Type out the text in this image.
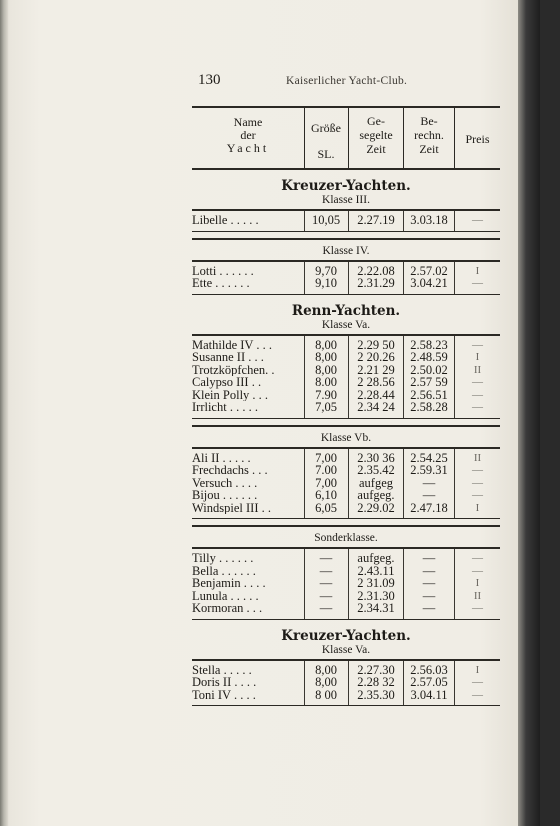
130	Kaiserlicher Yacht-Club.
Name
der
Yacht
Größe
SL.
Ge-
segelte
Zeit
Be-
rechn.
Zeit
Preis
Kreuzer-Yachten.
Klasse III.
Libelle . . . . .	10,05	2.27.19	3.03.18	—
Klasse IV.
Lotti . . . . . .	9,70	2.22.08	2.57.02	I
Ette . . . . . .	9,10	2.31.29	3.04.21	—
Renn-Yachten.
Klasse Va.
Mathilde IV . . .	8,00	2.29 50	2.58.23	—
Susanne II . . .	8,00	2 20.26	2.48.59	I
Trotzköpfchen. .	8,00	2.21 29	2.50.02	II
Calypso III . .	8.00	2 28.56	2.57 59	—
Klein Polly . . .	7.90	2.28.44	2.56.51	—
Irrlicht . . . . .	7,05	2.34 24	2.58.28	—
Klasse Vb.
Ali II . . . . .	7,00	2.30 36	2.54.25	II
Frechdachs . . .	7.00	2.35.42	2.59.31	—
Versuch . . . .	7,00	aufgeg	—	—
Bijou . . . . . .	6,10	aufgeg.	—	—
Windspiel III . .	6,05	2.29.02	2.47.18	I
Sonderklasse.
Tilly . . . . . .	—	aufgeg.	—	—
Bella . . . . . .	—	2.43.11	—	—
Benjamin . . . .	—	2 31.09	—	I
Lunula . . . . .	—	2.31.30	—	II
Kormoran . . .	—	2.34.31	—	—
Kreuzer-Yachten.
Klasse Va.
Stella . . . . .	8,00	2.27.30	2.56.03	I
Doris II . . . .	8,00	2.28 32	2.57.05	—
Toni IV . . . .	8 00	2.35.30	3.04.11	—
